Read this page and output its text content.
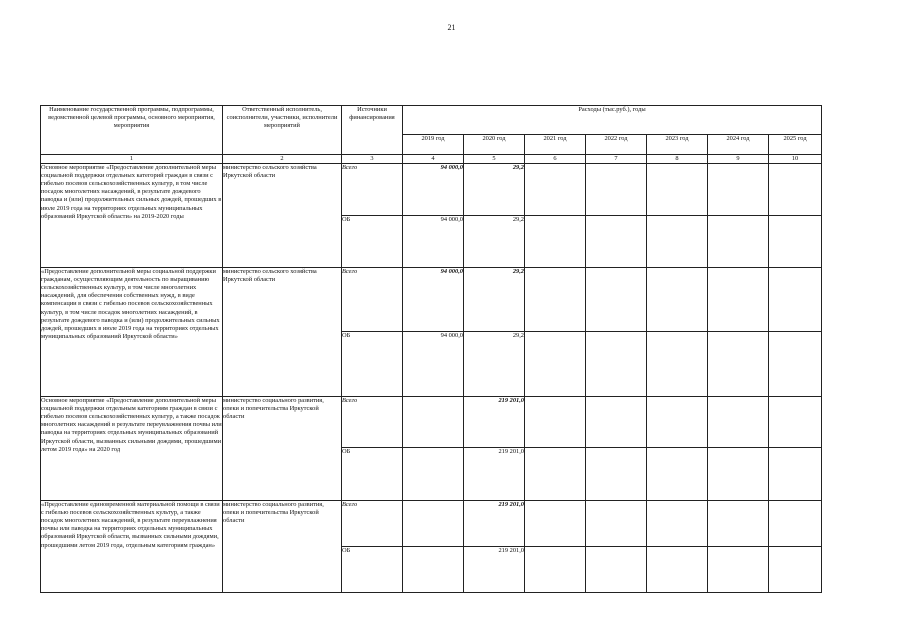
21
Наименование государственной программы, подпрограммы, ведомственной целевой программы, основного мероприятия, мероприятия	Ответственный исполнитель, соисполнители, участники, исполнители мероприятий	Источники финансирования	Расходы (тыс.руб.), годы						
			2019 год	2020 год	2021 год	2022 год	2023 год	2024 год	2025 год
1	2	3	4	5	6	7	8	9	10
Основное мероприятие «Предоставление дополнительной меры социальной поддержки отдельных категорий граждан в связи с гибелью посевов сельскохозяйственных культур, в том числе посадок многолетних насаждений, в результате дождевого паводка и (или) продолжительных сильных дождей, прошедших в июле 2019 года на территориях отдельных муниципальных образований Иркутской области» на 2019-2020 годы	министерство сельского хозяйства Иркутской области	Всего	94 000,0	29,2					
		ОБ	94 000,0	29,2					
«Предоставление дополнительной меры социальной поддержки гражданам, осуществляющим деятельность по выращиванию сельскохозяйственных культур, в том числе многолетних насаждений, для обеспечения собственных нужд, в виде компенсации в связи с гибелью посевов сельскохозяйственных культур, в том числе посадок многолетних насаждений, в результате дождевого паводка и (или) продолжительных сильных дождей, прошедших в июле 2019 года на территориях отдельных муниципальных образований Иркутской области»	министерство сельского хозяйства Иркутской области	Всего	94 000,0	29,2					
		ОБ	94 000,0	29,2					
Основное мероприятие «Предоставление дополнительной меры социальной поддержки отдельным категориям граждан в связи с гибелью посевов сельскохозяйственных культур, а также посадок многолетних насаждений в результате переувлажнения почвы или паводка на территориях отдельных муниципальных образований Иркутской области, вызванных сильными дождями, прошедшими летом 2019 года» на 2020 год	министерство социального развития, опеки и попечительства Иркутской области	Всего		219 201,0					
		ОБ		219 201,0					
«Предоставление единовременной материальной помощи в связи с гибелью посевов сельскохозяйственных культур, а также посадок многолетних насаждений, в результате переувлажнения почвы или паводка на территориях отдельных муниципальных образований Иркутской области, вызванных сильными дождями, прошедшими летом 2019 года, отдельным категориям граждан»	министерство социального развития, опеки и попечительства Иркутской области	Всего		219 201,0					
		ОБ		219 201,0					
